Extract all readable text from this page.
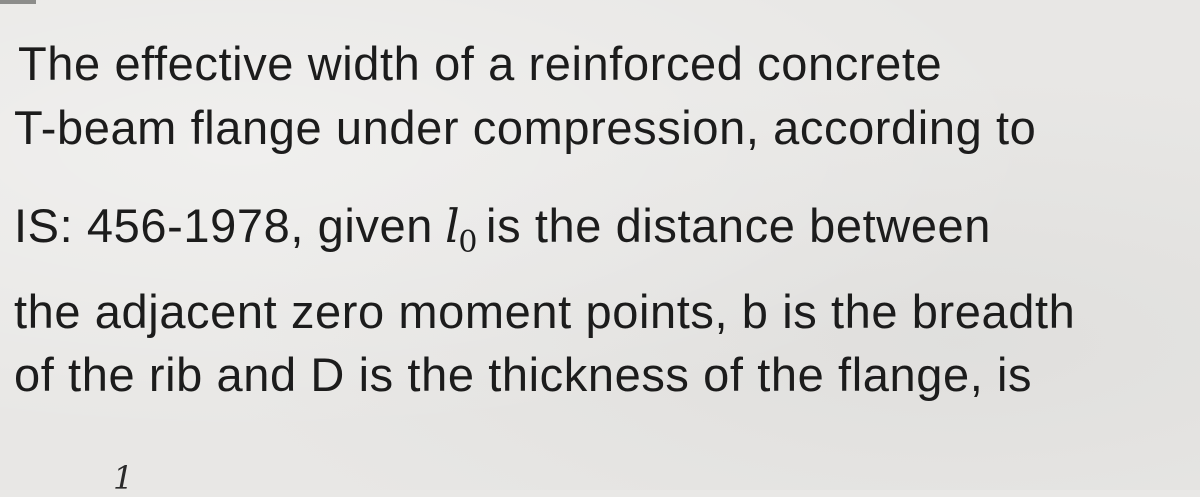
The effective width of a reinforced concrete
T-beam flange under compression, according to
IS: 456-1978, given $l_0$ is the distance between
the adjacent zero moment points, b is the breadth
of the rib and D is the thickness of the flange, is
1
